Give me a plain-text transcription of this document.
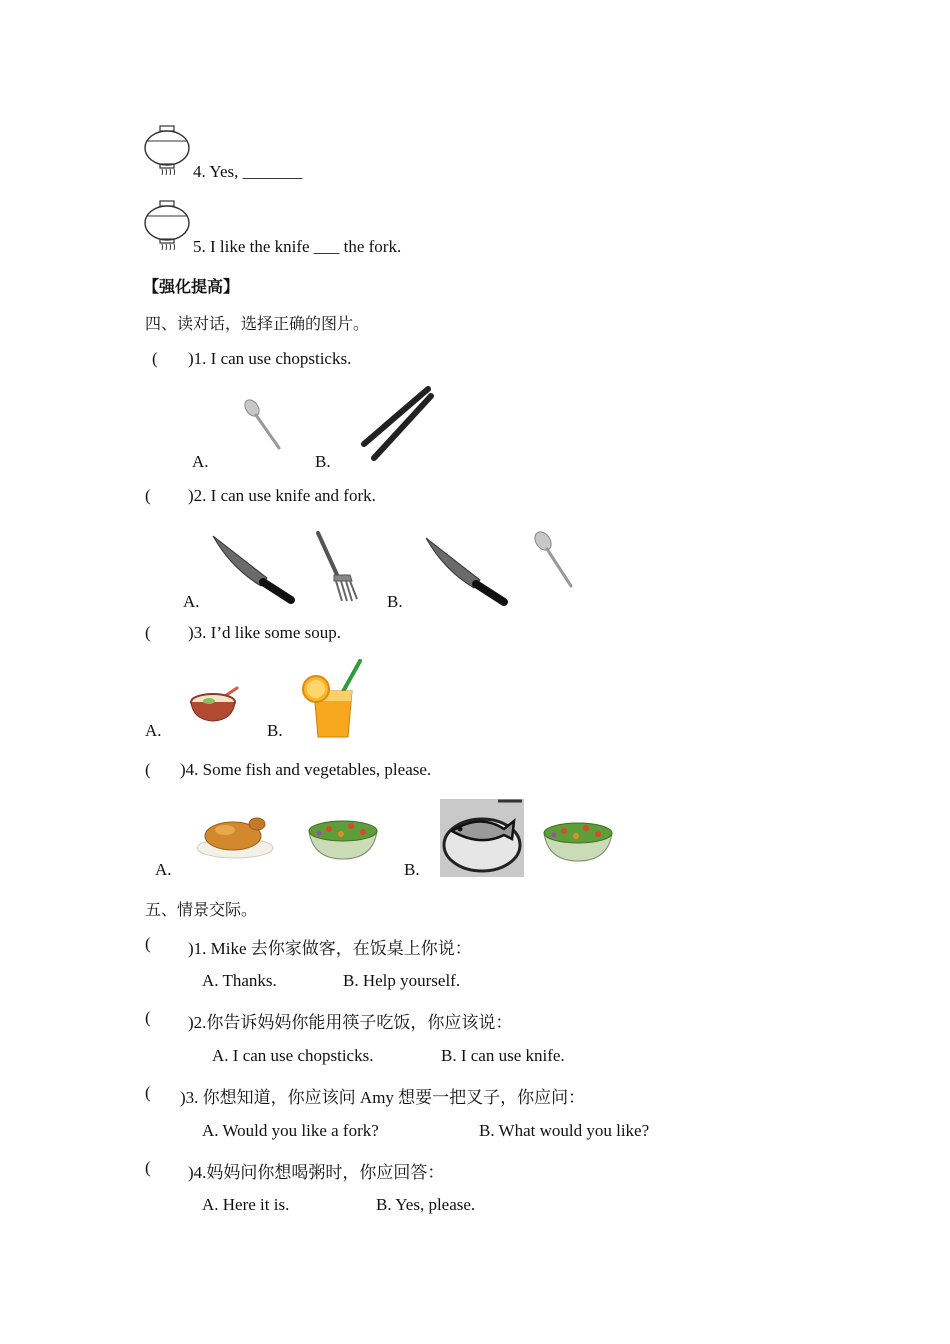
4. Yes, _______
5. I like the knife ___ the fork.
【强化提高】
四、读对话，选择正确的图片。
( )1. I can use chopsticks.
A.	B.
( )2. I can use knife and fork.
A.	B.
( )3. I’d like some soup.
A.	B.
( )4. Some fish and vegetables, please.
A.	B.
五、情景交际。
( )1. Mike 去你家做客，在饭桌上你说：
A. Thanks.	B. Help yourself.
( )2.你告诉妈妈你能用筷子吃饭，你应该说：
A. I can use chopsticks.	B. I can use knife.
( )3. 你想知道，你应该问 Amy 想要一把叉子，你应问：
A. Would you like a fork?	B. What would you like?
( )4.妈妈问你想喝粥时，你应回答：
A. Here it is.	B. Yes, please.
